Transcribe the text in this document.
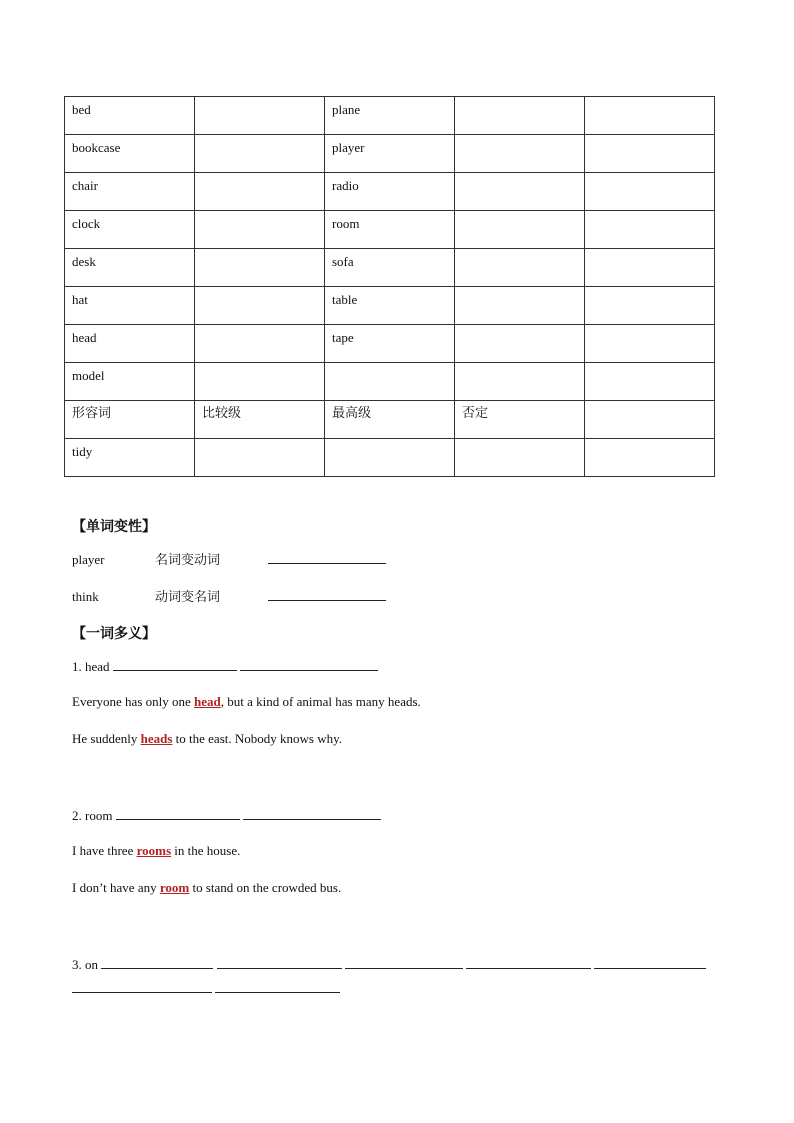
bed		plane		
bookcase		player		
chair		radio		
clock		room		
desk		sofa		
hat		table		
head		tape		
model				
形容词	比较级	最高级	否定	
tidy				
【单词变性】
player	名词变动词
think	动词变名词
【一词多义】
1. head
Everyone has only one head, but a kind of animal has many heads.
He suddenly heads to the east. Nobody knows why.
2. room
I have three rooms in the house.
I don’t have any room to stand on the crowded bus.
3. on
